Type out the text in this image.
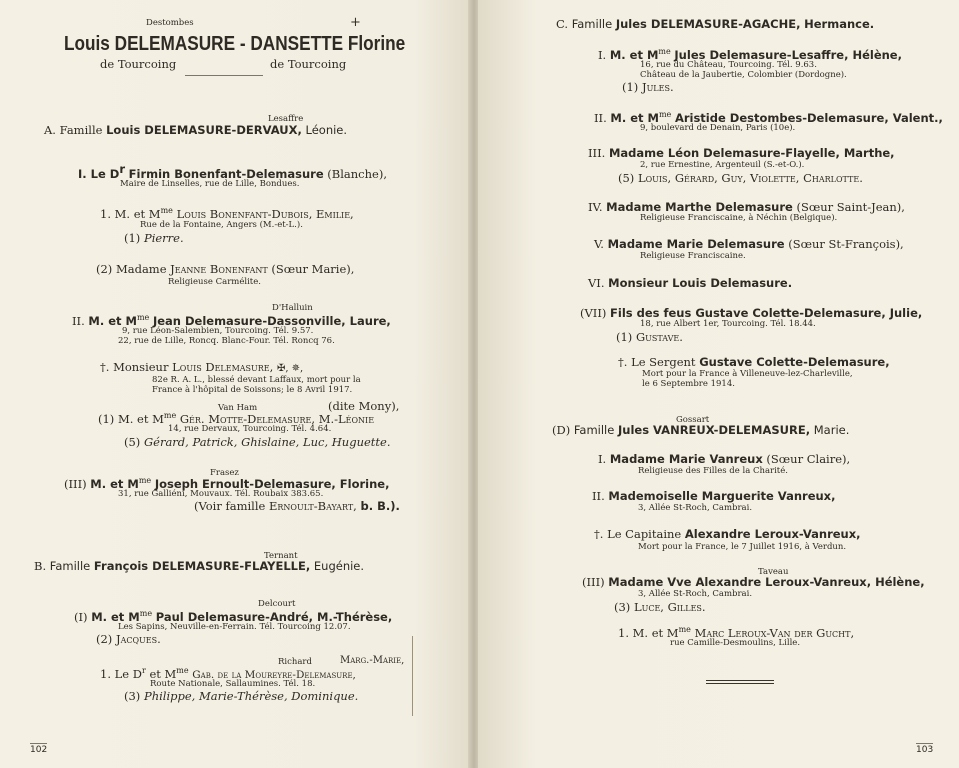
Destombes	+
Louis DELEMASURE - DANSETTE Florine
de Tourcoing	de Tourcoing
Lesaffre
A. Famille Louis DELEMASURE-DERVAUX, Léonie.
I. Le $D^r$ Firmin Bonenfant-Delemasure (Blanche),
Maire de Linselles, rue de Lille, Bondues.
1. M. et $M^{me}$ Louis Bonenfant-Dubois, Emilie,
Rue de la Fontaine, Angers (M.-et-L.).
(1) Pierre.
(2) Madame Jeanne Bonenfant (Sœur Marie),
Religieuse Carmélite.
D'Halluin
II. M. et $M^{me}$ Jean Delemasure-Dassonville, Laure,
9, rue Léon-Salembien, Tourcoing. Tél. 9.57.
22, rue de Lille, Roncq. Blanc-Four. Tél. Roncq 76.
†. Monsieur Louis Delemasure, ✠, ✵,
82e R. A. L., blessé devant Laffaux, mort pour la
France à l'hôpital de Soissons; le 8 Avril 1917.
Van Ham	(dite Mony),
(1) M. et $M^{me}$ Gér. Motte-Delemasure, M.-Léonie
14, rue Dervaux, Tourcoing. Tél. 4.64.
(5) Gérard, Patrick, Ghislaine, Luc, Huguette.
Frasez
(III) M. et $M^{me}$ Joseph Ernoult-Delemasure, Florine,
31, rue Galliéni, Mouvaux. Tél. Roubaix 383.65.
(Voir famille Ernoult-Bayart, b. B.).
Ternant
B. Famille François DELEMASURE-FLAYELLE, Eugénie.
Delcourt
(I) M. et $M^{me}$ Paul Delemasure-André, M.-Thérèse,
Les Sapins, Neuville-en-Ferrain. Tél. Tourcoing 12.07.
(2) Jacques.
Richard	Marg.-Marie,
1. Le $D^r$ et $M^{me}$ Gab. de la Moureyre-Delemasure,
Route Nationale, Sallaumines. Tél. 18.
(3) Philippe, Marie-Thérèse, Dominique.
102
C. Famille Jules DELEMASURE-AGACHE, Hermance.
I. M. et $M^{me}$ Jules Delemasure-Lesaffre, Hélène,
16, rue du Château, Tourcoing. Tél. 9.63.
Château de la Jaubertie, Colombier (Dordogne).
(1) Jules.
II. M. et $M^{me}$ Aristide Destombes-Delemasure, Valent.,
9, boulevard de Denain, Paris (10e).
III. Madame Léon Delemasure-Flayelle, Marthe,
2, rue Ernestine, Argenteuil (S.-et-O.).
(5) Louis, Gérard, Guy, Violette, Charlotte.
IV. Madame Marthe Delemasure (Sœur Saint-Jean),
Religieuse Franciscaine, à Néchin (Belgique).
V. Madame Marie Delemasure (Sœur St-François),
Religieuse Franciscaine.
VI. Monsieur Louis Delemasure.
(VII) Fils des feus Gustave Colette-Delemasure, Julie,
18, rue Albert 1er, Tourcoing. Tél. 18.44.
(1) Gustave.
†. Le Sergent Gustave Colette-Delemasure,
Mort pour la France à Villeneuve-lez-Charleville,
le 6 Septembre 1914.
Gossart
(D) Famille Jules VANREUX-DELEMASURE, Marie.
I. Madame Marie Vanreux (Sœur Claire),
Religieuse des Filles de la Charité.
II. Mademoiselle Marguerite Vanreux,
3, Allée St-Roch, Cambrai.
†. Le Capitaine Alexandre Leroux-Vanreux,
Mort pour la France, le 7 Juillet 1916, à Verdun.
Taveau
(III) Madame Vve Alexandre Leroux-Vanreux, Hélène,
3, Allée St-Roch, Cambrai.
(3) Luce, Gilles.
1. M. et $M^{me}$ Marc Leroux-Van der Gucht,
rue Camille-Desmoulins, Lille.
103
